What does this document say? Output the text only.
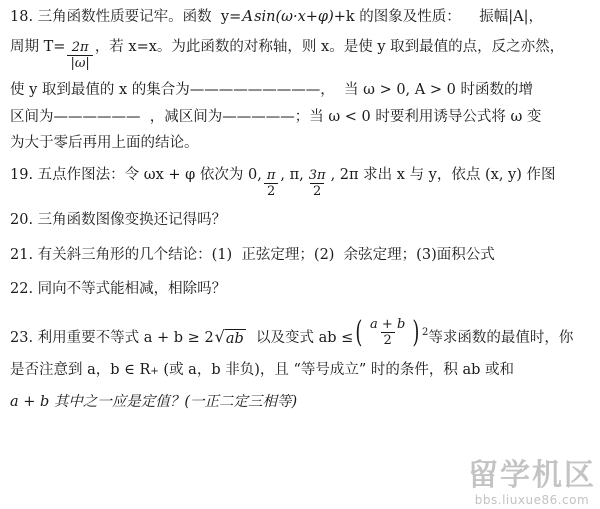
18. 三角函数性质要记牢。函数  y= A sin (ω·x+φ) +k 的图象及性质：    振幅 |A|，
周期 $T= \frac{2\pi}{|\omega|}$ ，若 x=x。为此函数的对称轴，则 x。是使 y 取到最值的点，反之亦然，
使 y 取到最值的 x 的集合为—————————，  当 ω > 0, A > 0 时函数的增
区间为——————  ，减区间为—————；当 ω < 0 时要利用诱导公式将 ω 变
为大于零后再用上面的结论。
19. 五点作图法：令 ωx + φ 依次为 0, $\frac{\pi}{2}$ , π, $\frac{3\pi}{2}$ , 2π 求出 x 与 y，依点 (x, y) 作图
20. 三角函数图像变换还记得吗？
21. 有关斜三角形的几个结论：(1)  正弦定理；(2)  余弦定理；(3)面积公式
22. 同向不等式能相减，相除吗？
23. 利用重要不等式 a + b ≥ 2 √ ab 以及变式 ab ≤ ( $\frac{a + b}{2}$ ) 2 等求函数的最值时，你
是否注意到 a，b ∈ R + (或 a，b 非负)，且 “等号成立” 时的条件，积 ab 或和
a + b 其中之一应是定值？(一正二定三相等)
留学机区
bbs.liuxue86.com
